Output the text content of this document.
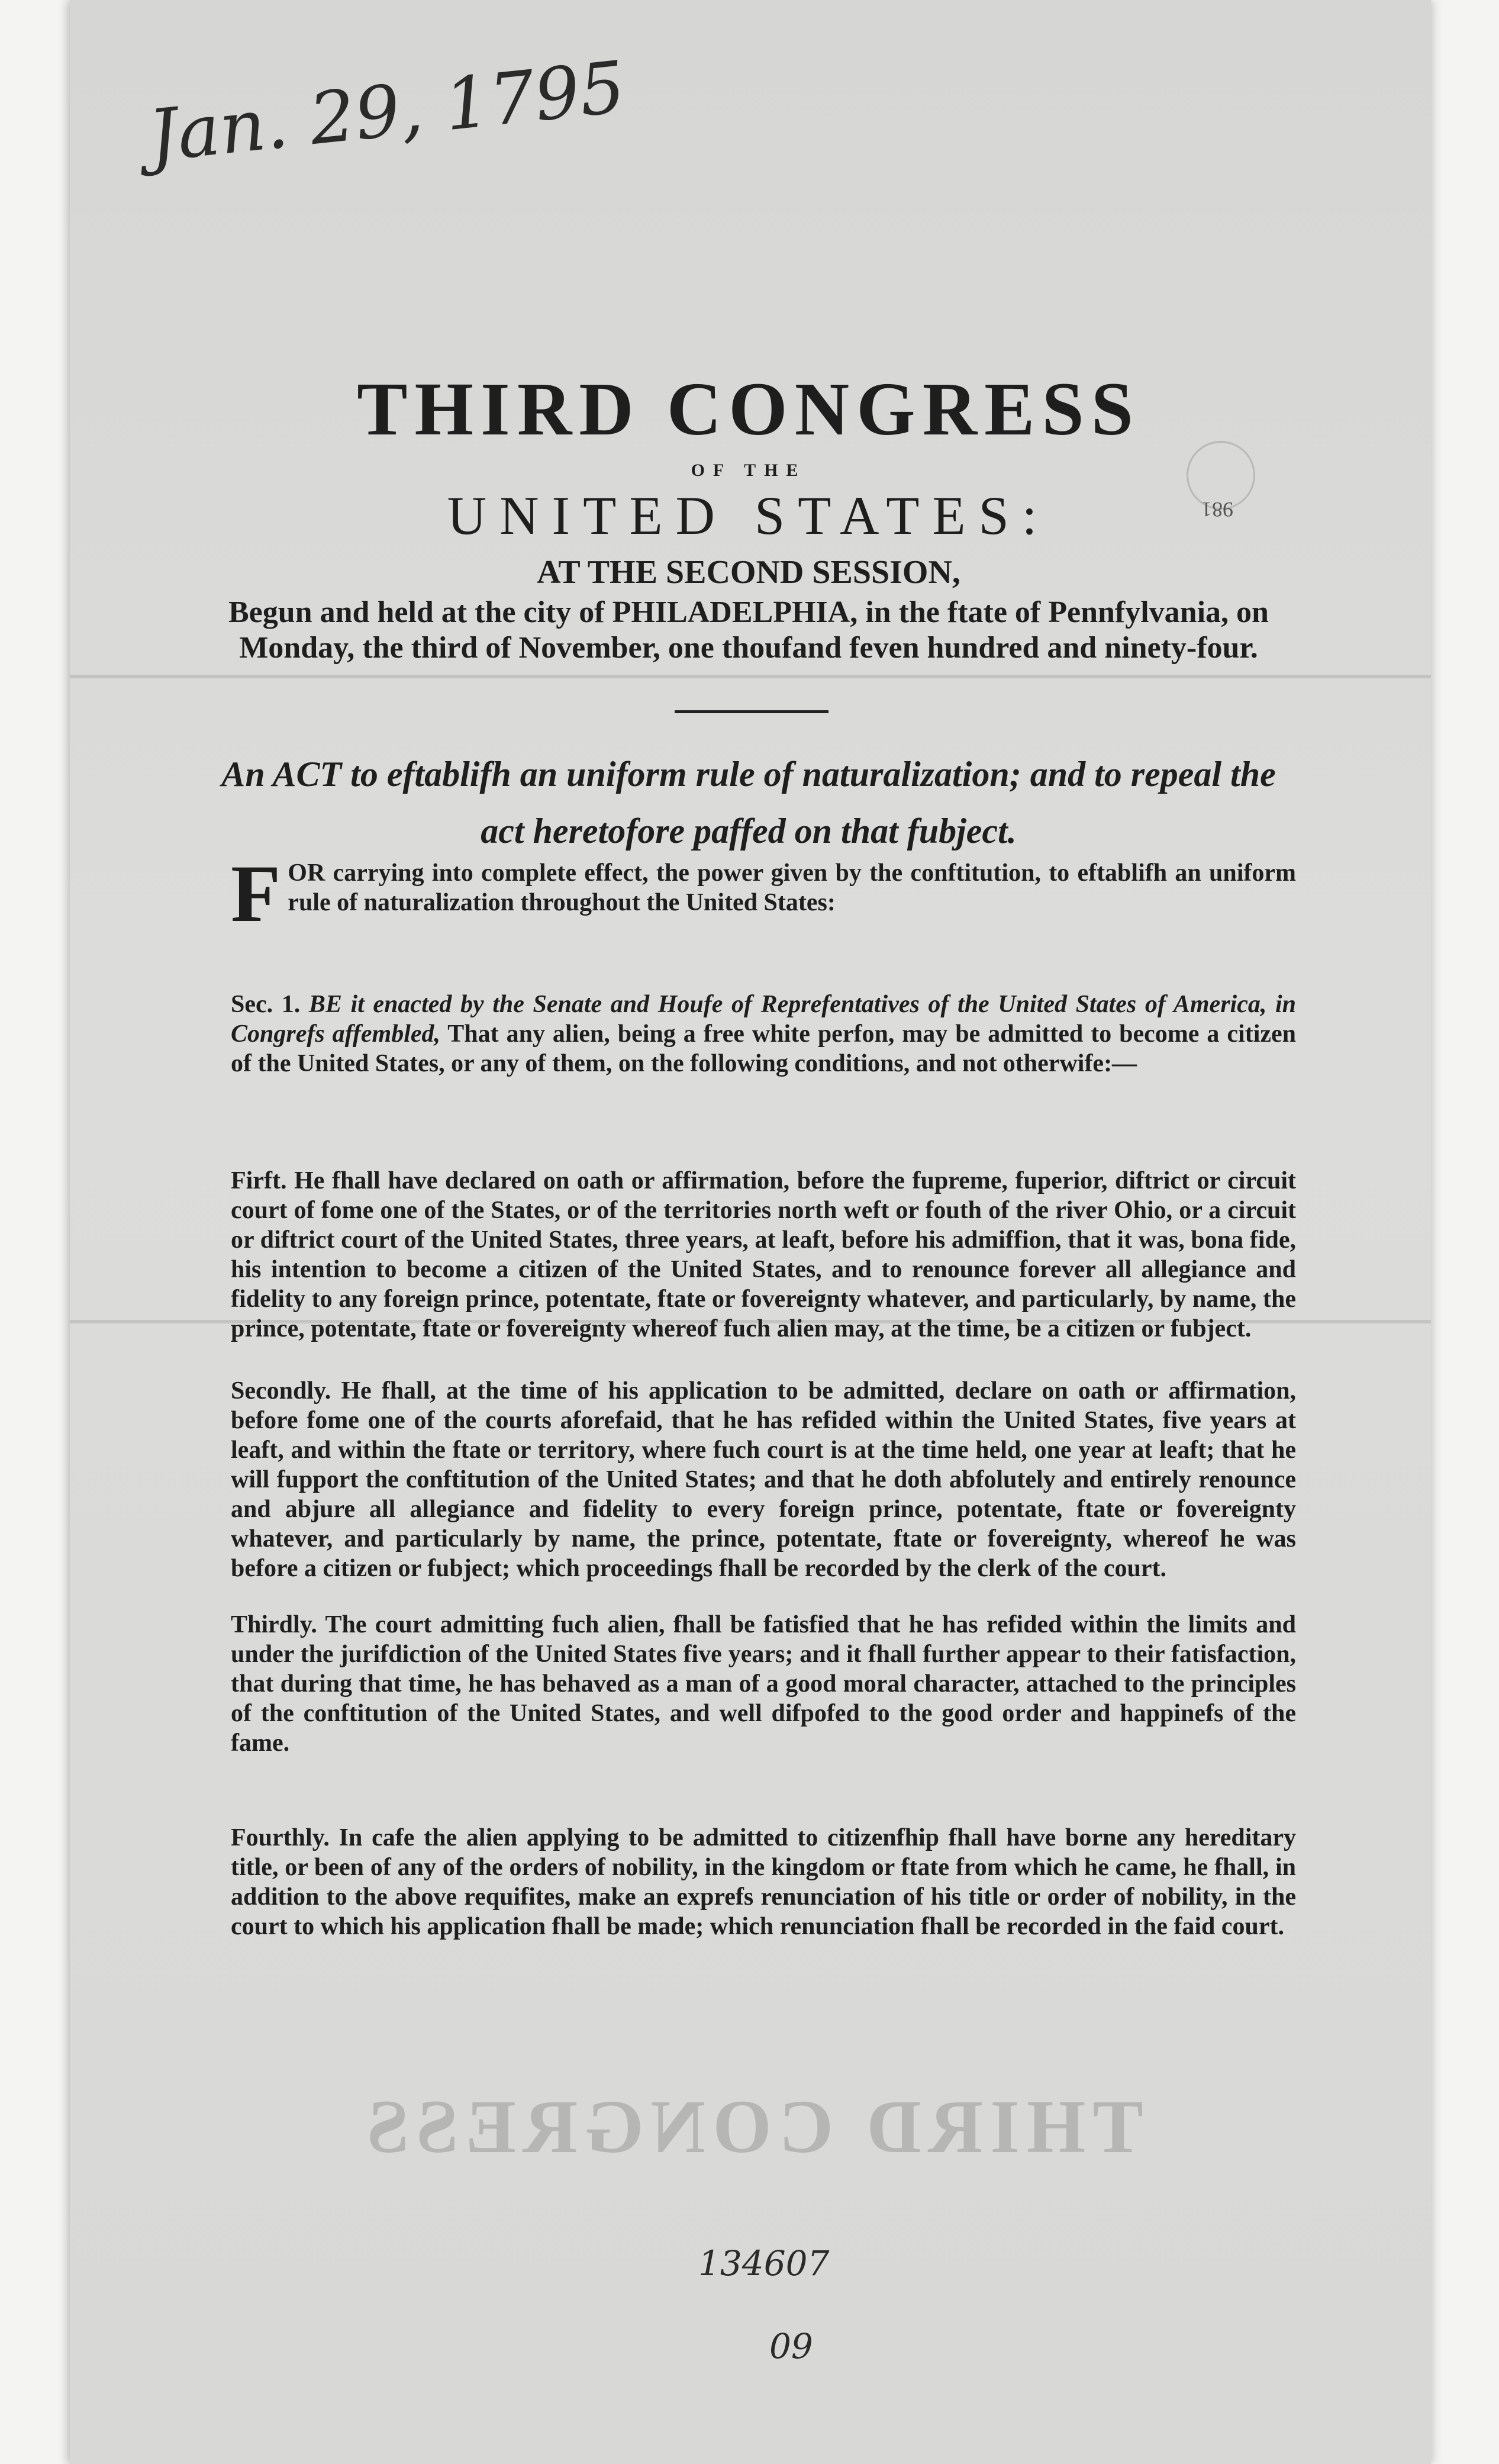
Jan. 29, 1795
981
THIRD CONGRESS
OF THE
UNITED STATES:
AT THE SECOND SESSION,
Begun and held at the city of PHILADELPHIA, in the ftate of Pennfylvania, on Monday, the third of November, one thoufand feven hundred and ninety-four.
An ACT to eftablifh an uniform rule of naturalization; and to repeal the act heretofore paffed on that fubject.
FOR carrying into complete effect, the power given by the conftitution, to eftablifh an uniform rule of naturalization throughout the United States:
Sec. 1. BE it enacted by the Senate and Houfe of Reprefentatives of the United States of America, in Congrefs affembled, That any alien, being a free white perfon, may be admitted to become a citizen of the United States, or any of them, on the following conditions, and not otherwife:—
Firft. He fhall have declared on oath or affirmation, before the fupreme, fuperior, diftrict or circuit court of fome one of the States, or of the territories north weft or fouth of the river Ohio, or a circuit or diftrict court of the United States, three years, at leaft, before his admiffion, that it was, bona fide, his intention to become a citizen of the United States, and to renounce forever all allegiance and fidelity to any foreign prince, potentate, ftate or fovereignty whatever, and particularly, by name, the prince, potentate, ftate or fovereignty whereof fuch alien may, at the time, be a citizen or fubject.
Secondly. He fhall, at the time of his application to be admitted, declare on oath or affirmation, before fome one of the courts aforefaid, that he has refided within the United States, five years at leaft, and within the ftate or territory, where fuch court is at the time held, one year at leaft; that he will fupport the conftitution of the United States; and that he doth abfolutely and entirely renounce and abjure all allegiance and fidelity to every foreign prince, potentate, ftate or fovereignty whatever, and particularly by name, the prince, potentate, ftate or fovereignty, whereof he was before a citizen or fubject; which proceedings fhall be recorded by the clerk of the court.
Thirdly. The court admitting fuch alien, fhall be fatisfied that he has refided within the limits and under the jurifdiction of the United States five years; and it fhall further appear to their fatisfaction, that during that time, he has behaved as a man of a good moral character, attached to the principles of the conftitution of the United States, and well difpofed to the good order and happinefs of the fame.
Fourthly. In cafe the alien applying to be admitted to citizenfhip fhall have borne any hereditary title, or been of any of the orders of nobility, in the kingdom or ftate from which he came, he fhall, in addition to the above requifites, make an exprefs renunciation of his title or order of nobility, in the court to which his application fhall be made; which renunciation fhall be recorded in the faid court.
THIRD CONGRESS
134607
09
